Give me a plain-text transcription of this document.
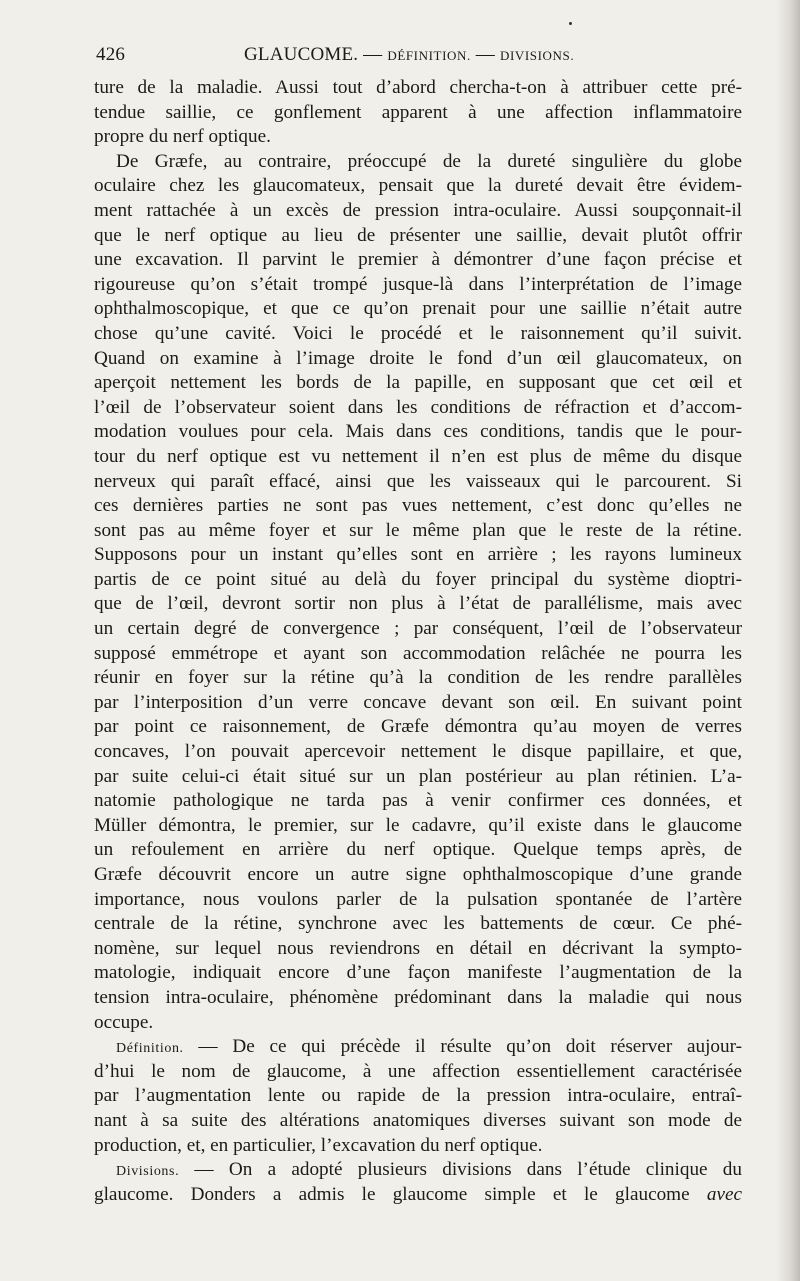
426	GLAUCOME. — DÉFINITION. — DIVISIONS.
ture de la maladie. Aussi tout d’abord chercha-t-on à attribuer cette pré-
tendue saillie, ce gonflement apparent à une affection inflammatoire
propre du nerf optique.
De Græfe, au contraire, préoccupé de la dureté singulière du globe
oculaire chez les glaucomateux, pensait que la dureté devait être évidem-
ment rattachée à un excès de pression intra-oculaire. Aussi soupçonnait-il
que le nerf optique au lieu de présenter une saillie, devait plutôt offrir
une excavation. Il parvint le premier à démontrer d’une façon précise et
rigoureuse qu’on s’était trompé jusque-là dans l’interprétation de l’image
ophthalmoscopique, et que ce qu’on prenait pour une saillie n’était autre
chose qu’une cavité. Voici le procédé et le raisonnement qu’il suivit.
Quand on examine à l’image droite le fond d’un œil glaucomateux, on
aperçoit nettement les bords de la papille, en supposant que cet œil et
l’œil de l’observateur soient dans les conditions de réfraction et d’accom-
modation voulues pour cela. Mais dans ces conditions, tandis que le pour-
tour du nerf optique est vu nettement il n’en est plus de même du disque
nerveux qui paraît effacé, ainsi que les vaisseaux qui le parcourent. Si
ces dernières parties ne sont pas vues nettement, c’est donc qu’elles ne
sont pas au même foyer et sur le même plan que le reste de la rétine.
Supposons pour un instant qu’elles sont en arrière ; les rayons lumineux
partis de ce point situé au delà du foyer principal du système dioptri-
que de l’œil, devront sortir non plus à l’état de parallélisme, mais avec
un certain degré de convergence ; par conséquent, l’œil de l’observateur
supposé emmétrope et ayant son accommodation relâchée ne pourra les
réunir en foyer sur la rétine qu’à la condition de les rendre parallèles
par l’interposition d’un verre concave devant son œil. En suivant point
par point ce raisonnement, de Græfe démontra qu’au moyen de verres
concaves, l’on pouvait apercevoir nettement le disque papillaire, et que,
par suite celui-ci était situé sur un plan postérieur au plan rétinien. L’a-
natomie pathologique ne tarda pas à venir confirmer ces données, et
Müller démontra, le premier, sur le cadavre, qu’il existe dans le glaucome
un refoulement en arrière du nerf optique. Quelque temps après, de
Græfe découvrit encore un autre signe ophthalmoscopique d’une grande
importance, nous voulons parler de la pulsation spontanée de l’artère
centrale de la rétine, synchrone avec les battements de cœur. Ce phé-
nomène, sur lequel nous reviendrons en détail en décrivant la sympto-
matologie, indiquait encore d’une façon manifeste l’augmentation de la
tension intra-oculaire, phénomène prédominant dans la maladie qui nous
occupe.
Définition. — De ce qui précède il résulte qu’on doit réserver aujour-
d’hui le nom de glaucome, à une affection essentiellement caractérisée
par l’augmentation lente ou rapide de la pression intra-oculaire, entraî-
nant à sa suite des altérations anatomiques diverses suivant son mode de
production, et, en particulier, l’excavation du nerf optique.
Divisions. — On a adopté plusieurs divisions dans l’étude clinique du
glaucome. Donders a admis le glaucome simple et le glaucome avec
